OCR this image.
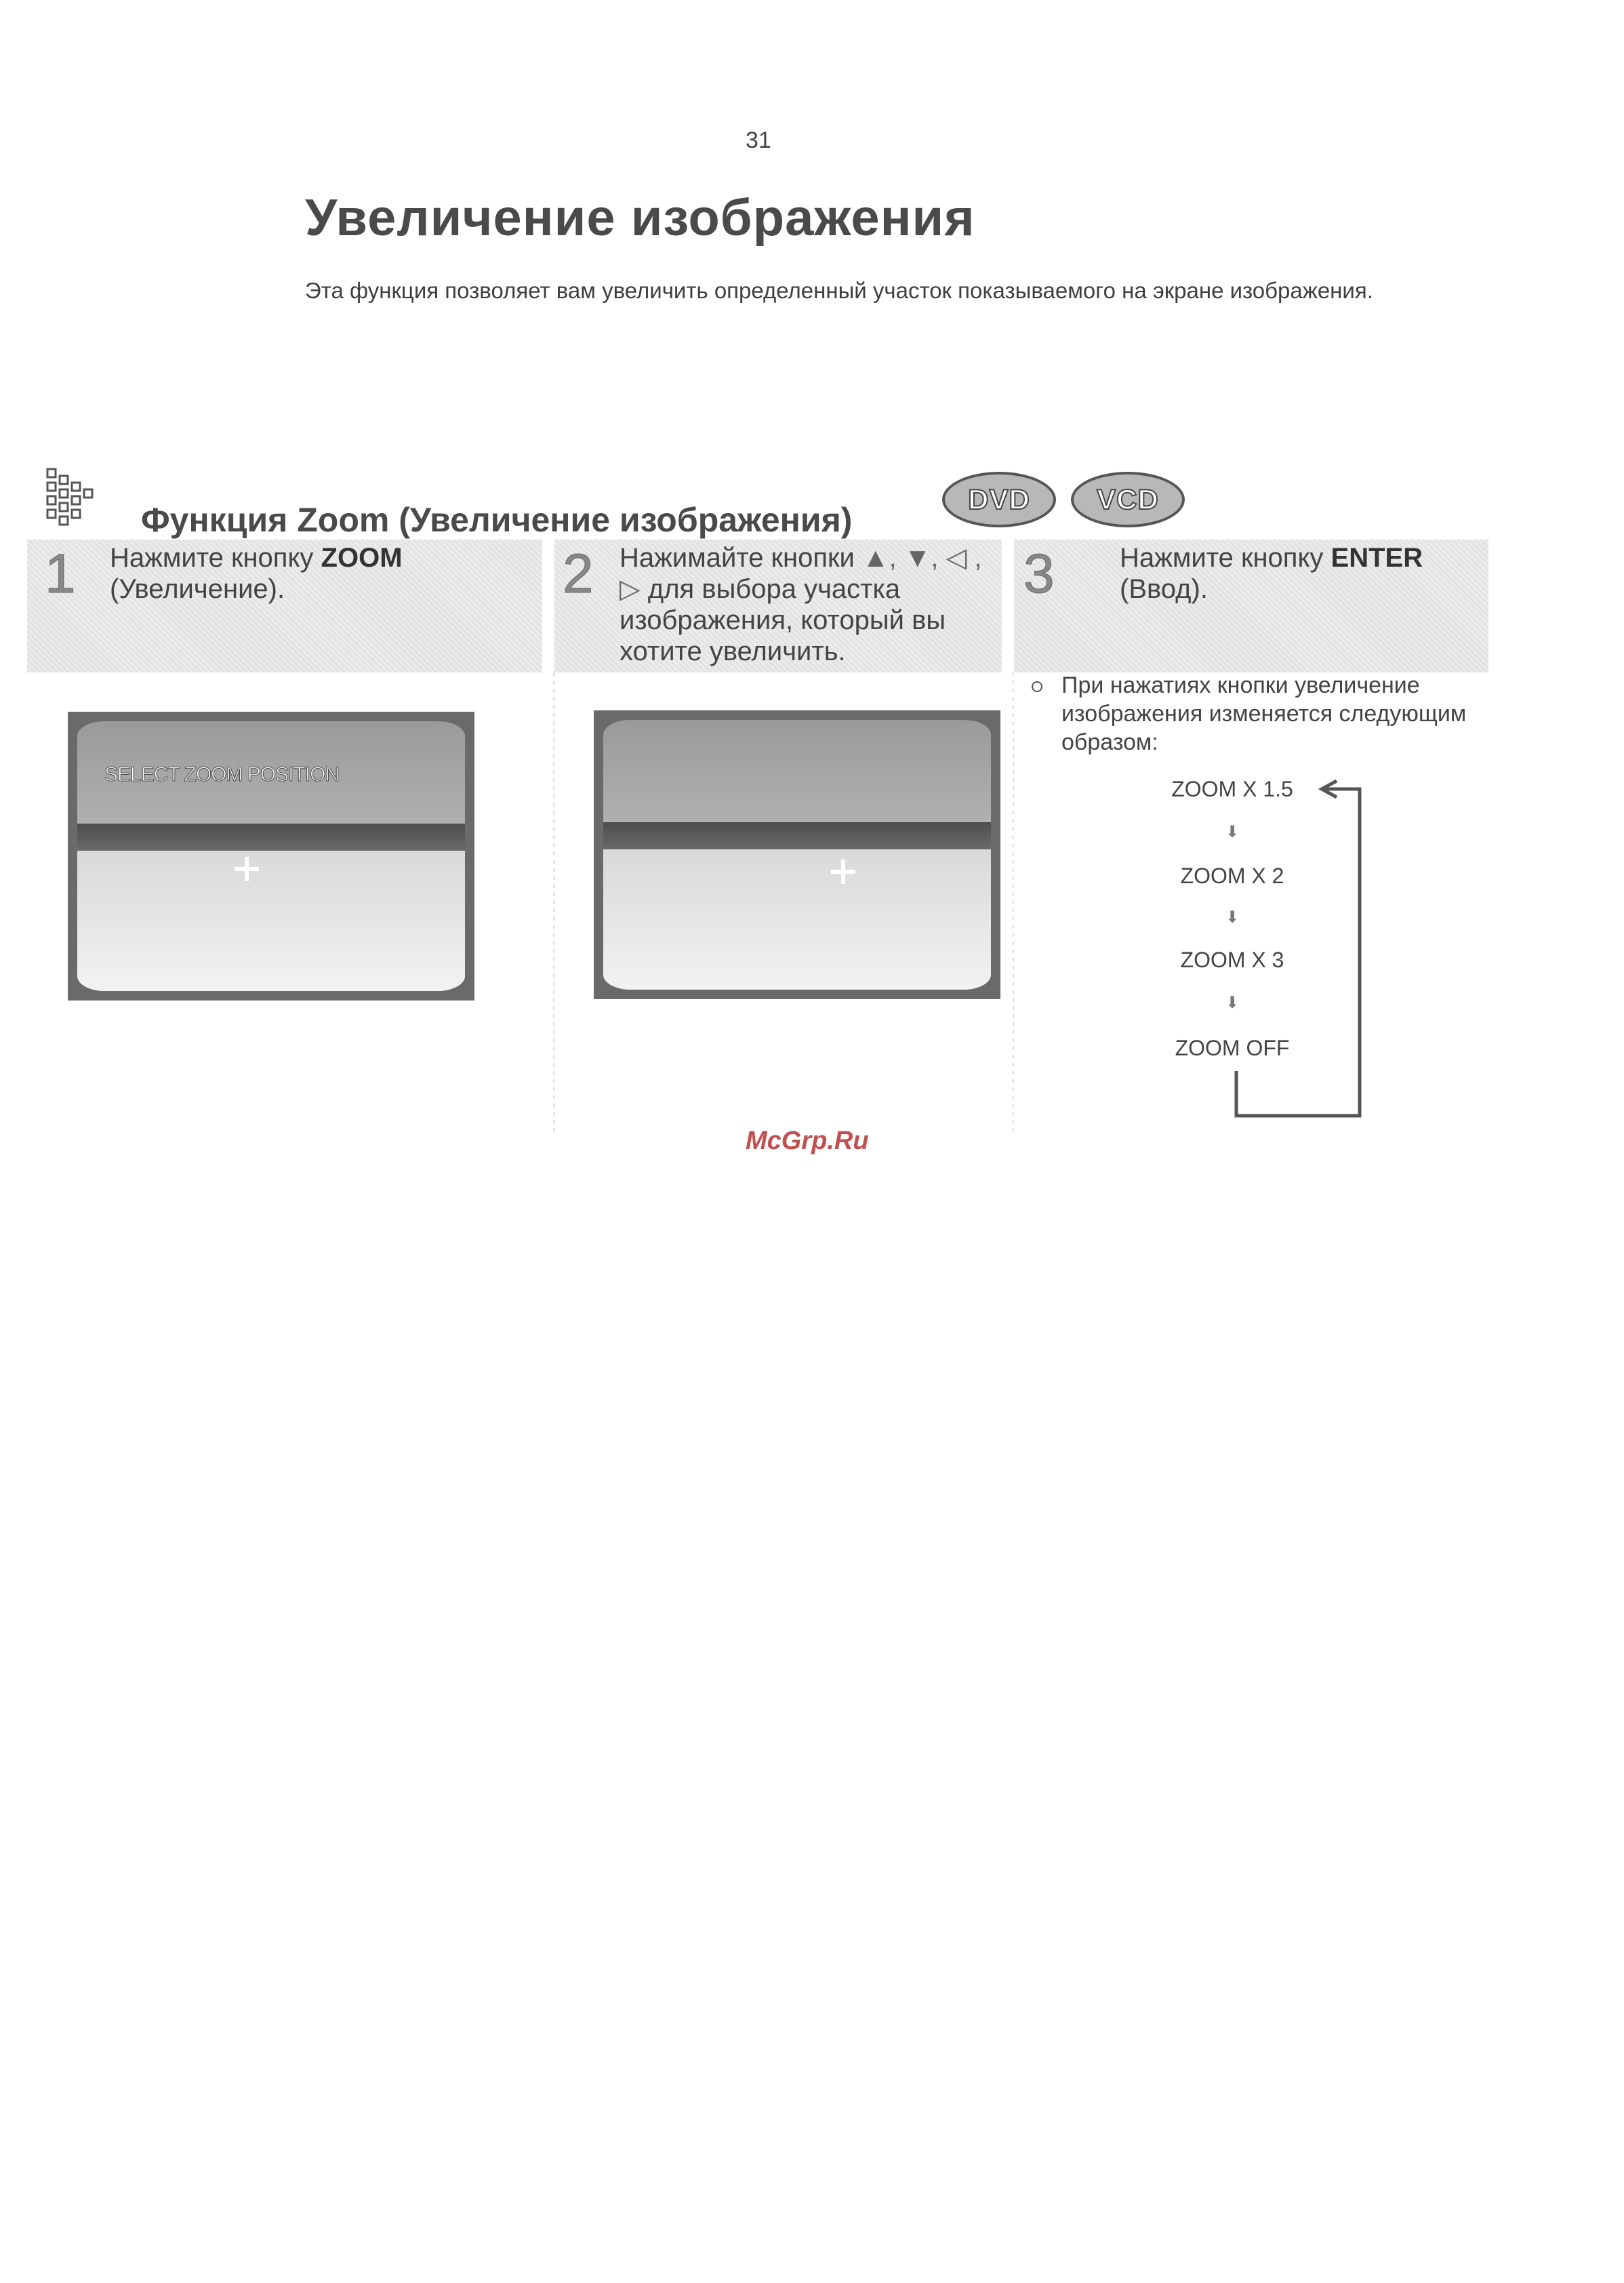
31
Увеличение изображения
Эта функция позволяет вам увеличить определенный участок показываемого на экране изображения.
Функция Zoom (Увеличение изображения)
DVD	VCD
1 Нажмите кнопку ZOOM (Увеличение).	2 Нажимайте кнопки ▲, ▼, ◁ , ▷ для выбора участка изображения, который вы хотите увеличить.
3 Нажмите кнопку ENTER (Ввод).
SELECT ZOOM POSITION
При нажатиях кнопки увеличение изображения изменяется следующим образом:
ZOOM X 1.5
⬇
ZOOM X 2
⬇
ZOOM X 3
⬇
ZOOM OFF
McGrp.Ru
